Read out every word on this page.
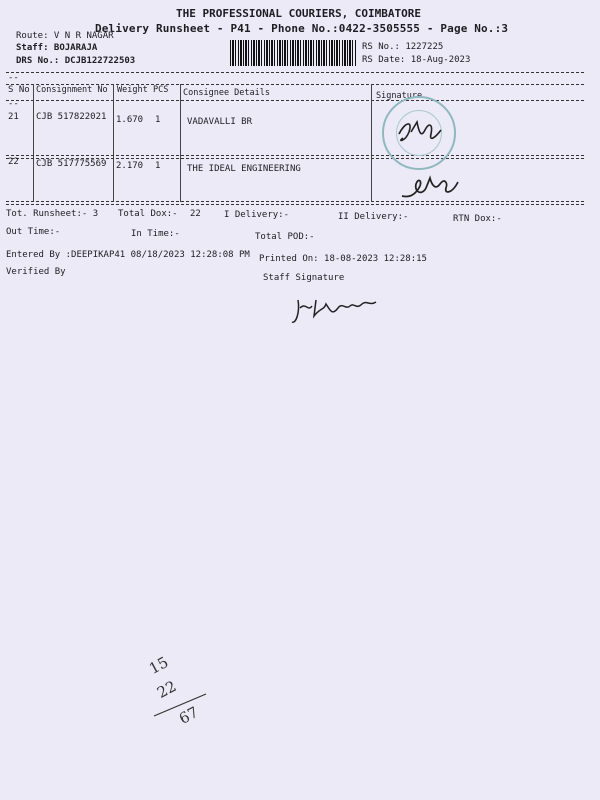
THE PROFESSIONAL COURIERS, COIMBATORE
Delivery Runsheet - P41 - Phone No.:0422-3505555 - Page No.:3
Route: V N R NAGAR
Staff: BOJARAJA
DRS No.: DCJB122722503
RS No.: 1227225
RS Date: 18-Aug-2023
--
--
S No Consignment No Weight PCS Consignee Details	Signature
21 CJB 517822021 1.670 1	VADAVALLI BR
22 CJB 517775569 2.170 1	THE IDEAL ENGINEERING
Tot. Runsheet:- 3 Total Dox:- 22	I Delivery:-	II Delivery:-	RTN Dox:-
Out Time:-	In Time:-	Total POD:-
Entered By :DEEPIKAP41 08/18/2023 12:28:08 PM Printed On: 18-08-2023 12:28:15
Verified By
Staff Signature
15
22
67
